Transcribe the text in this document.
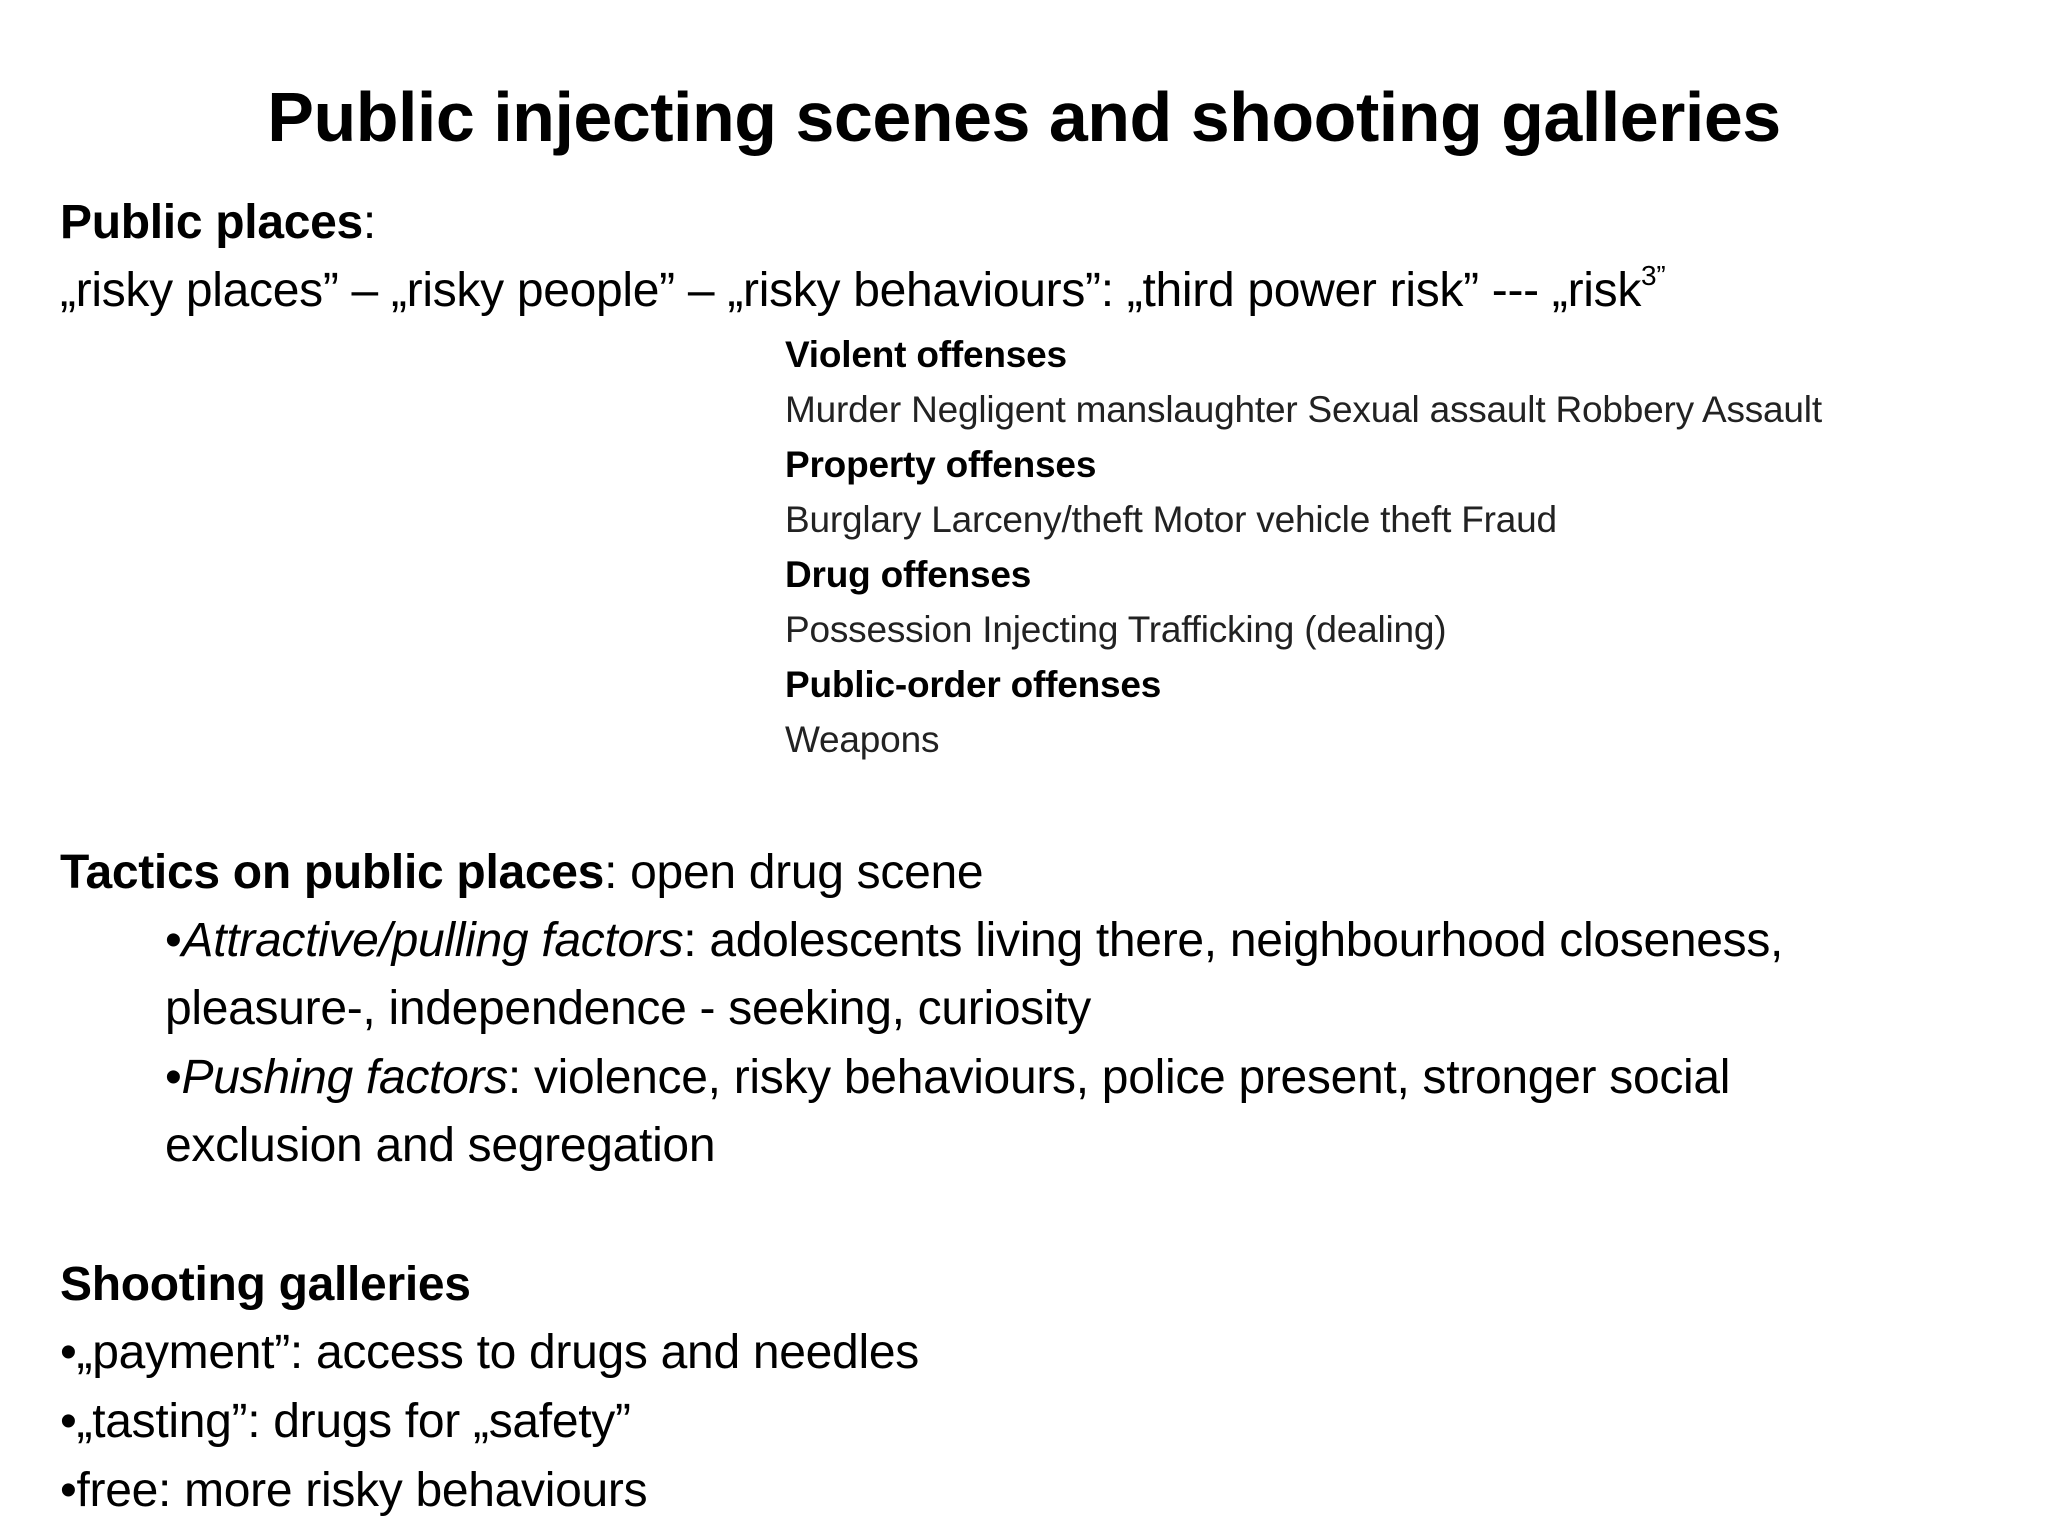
Public injecting scenes and shooting galleries
Public places:
„risky places” – „risky people” – „risky behaviours”: „third power risk” --- „risk$^{3”}$
Violent offenses
Murder Negligent manslaughter Sexual assault Robbery Assault
Property offenses
Burglary Larceny/theft Motor vehicle theft Fraud
Drug offenses
Possession Injecting Trafficking (dealing)
Public-order offenses
Weapons
Tactics on public places: open drug scene
•Attractive/pulling factors: adolescents living there, neighbourhood closeness,
pleasure-, independence - seeking, curiosity
•Pushing factors: violence, risky behaviours, police present, stronger social
exclusion and segregation
Shooting galleries
•„payment”: access to drugs and needles
•„tasting”: drugs for „safety”
•free: more risky behaviours
